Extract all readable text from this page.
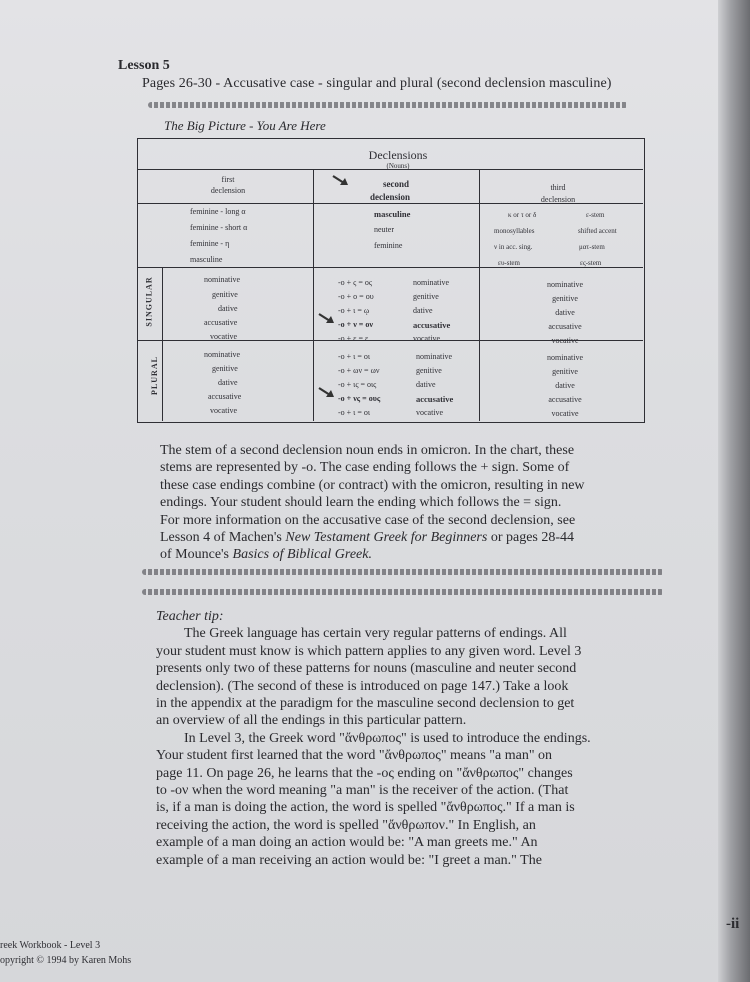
Lesson 5
Pages 26-30 - Accusative case - singular and plural (second declension masculine)
The Big Picture - You Are Here
Declensions
(Nouns)
first
declension
second
declension
third
declension
feminine - long α
feminine - short α
feminine - η
masculine
masculine
neuter
feminine
κ or τ or δ
monosyllables
ν in acc. sing.
ευ-stem
ε-stem
shifted accent
ματ-stem
ες-stem
SINGULAR
PLURAL
nominative
genitive
dative
accusative
vocative
-ο + ς = ος
-ο + ο = ου
-ο + ι = ῳ
-ο + ν = ον
-ο + ε = ε
nominative
genitive
dative
accusative
vocative
nominative
genitive
dative
accusative
vocative
nominative
genitive
dative
accusative
vocative
-ο + ι = οι
-ο + ων = ων
-ο + ις = οις
-ο + νς = ους
-ο + ι = οι
nominative
genitive
dative
accusative
vocative
nominative
genitive
dative
accusative
vocative
The stem of a second declension noun ends in omicron. In the chart, these
stems are represented by -o. The case ending follows the + sign. Some of
these case endings combine (or contract) with the omicron, resulting in new
endings. Your student should learn the ending which follows the = sign.
For more information on the accusative case of the second declension, see
Lesson 4 of Machen's New Testament Greek for Beginners or pages 28-44
of Mounce's Basics of Biblical Greek.
Teacher tip:
The Greek language has certain very regular patterns of endings. All
your student must know is which pattern applies to any given word. Level 3
presents only two of these patterns for nouns (masculine and neuter second
declension). (The second of these is introduced on page 147.) Take a look
in the appendix at the paradigm for the masculine second declension to get
an overview of all the endings in this particular pattern.
In Level 3, the Greek word "ἄνθρωπος" is used to introduce the endings.
Your student first learned that the word "ἄνθρωπος" means "a man" on
page 11. On page 26, he learns that the -ος ending on "ἄνθρωπος" changes
to -ον when the word meaning "a man" is the receiver of the action. (That
is, if a man is doing the action, the word is spelled "ἄνθρωπος." If a man is
receiving the action, the word is spelled "ἄνθρωπον." In English, an
example of a man doing an action would be: "A man greets me." An
example of a man receiving an action would be: "I greet a man." The
reek Workbook - Level 3
opyright © 1994 by Karen Mohs
-ii
